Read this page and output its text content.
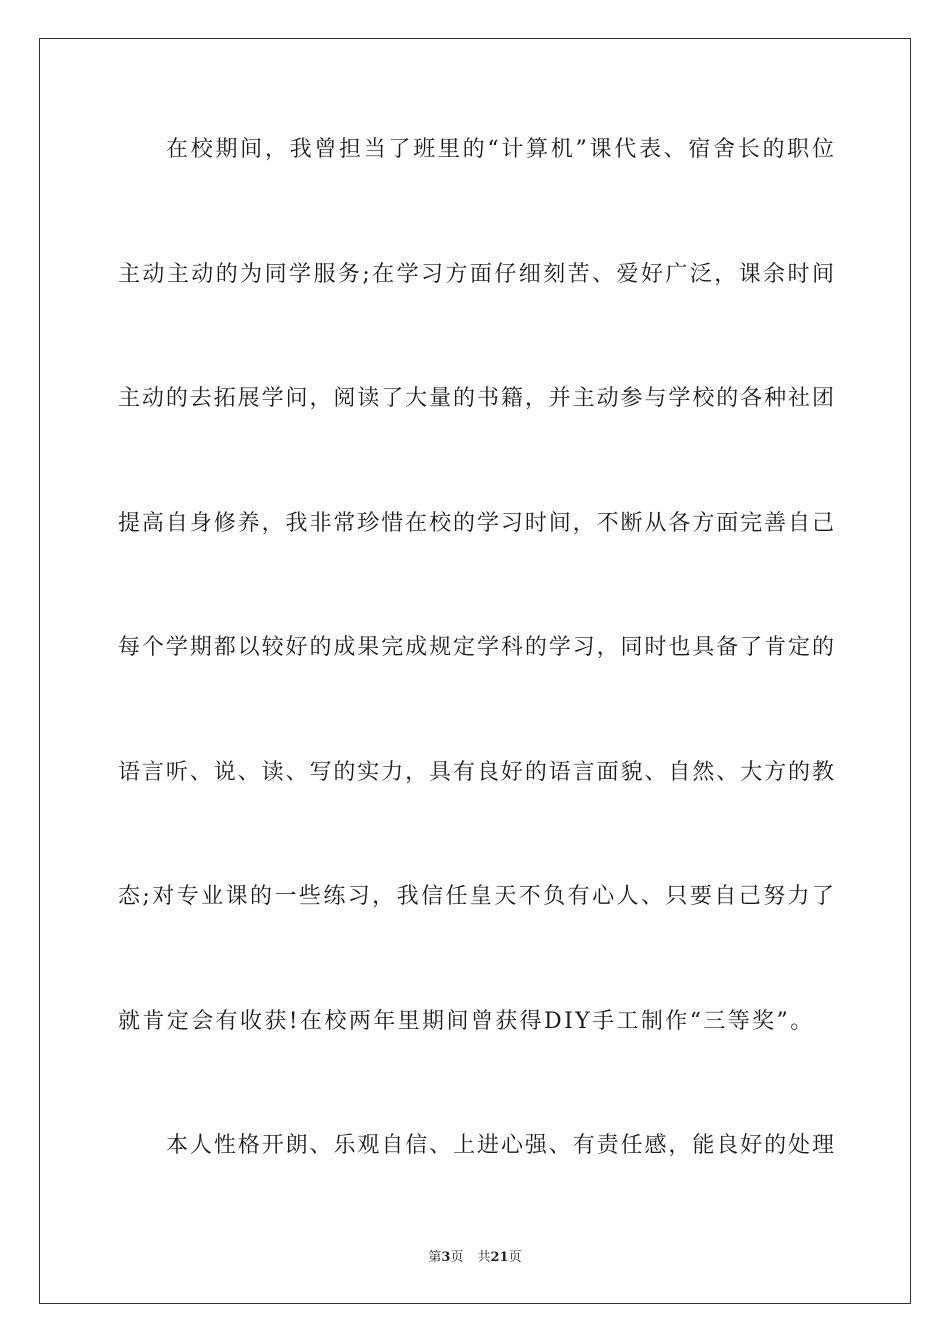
在校期间，我曾担当了班里的“计算机”课代表、宿舍长的职位
主动主动的为同学服务;在学习方面仔细刻苦、爱好广泛，课余时间
主动的去拓展学问，阅读了大量的书籍，并主动参与学校的各种社团
提高自身修养，我非常珍惜在校的学习时间，不断从各方面完善自己
每个学期都以较好的成果完成规定学科的学习，同时也具备了肯定的
语言听、说、读、写的实力，具有良好的语言面貌、自然、大方的教
态;对专业课的一些练习，我信任皇天不负有心人、只要自己努力了
就肯定会有收获!在校两年里期间曾获得DIY手工制作“三等奖”。
本人性格开朗、乐观自信、上进心强、有责任感，能良好的处理
第3页 共21页
